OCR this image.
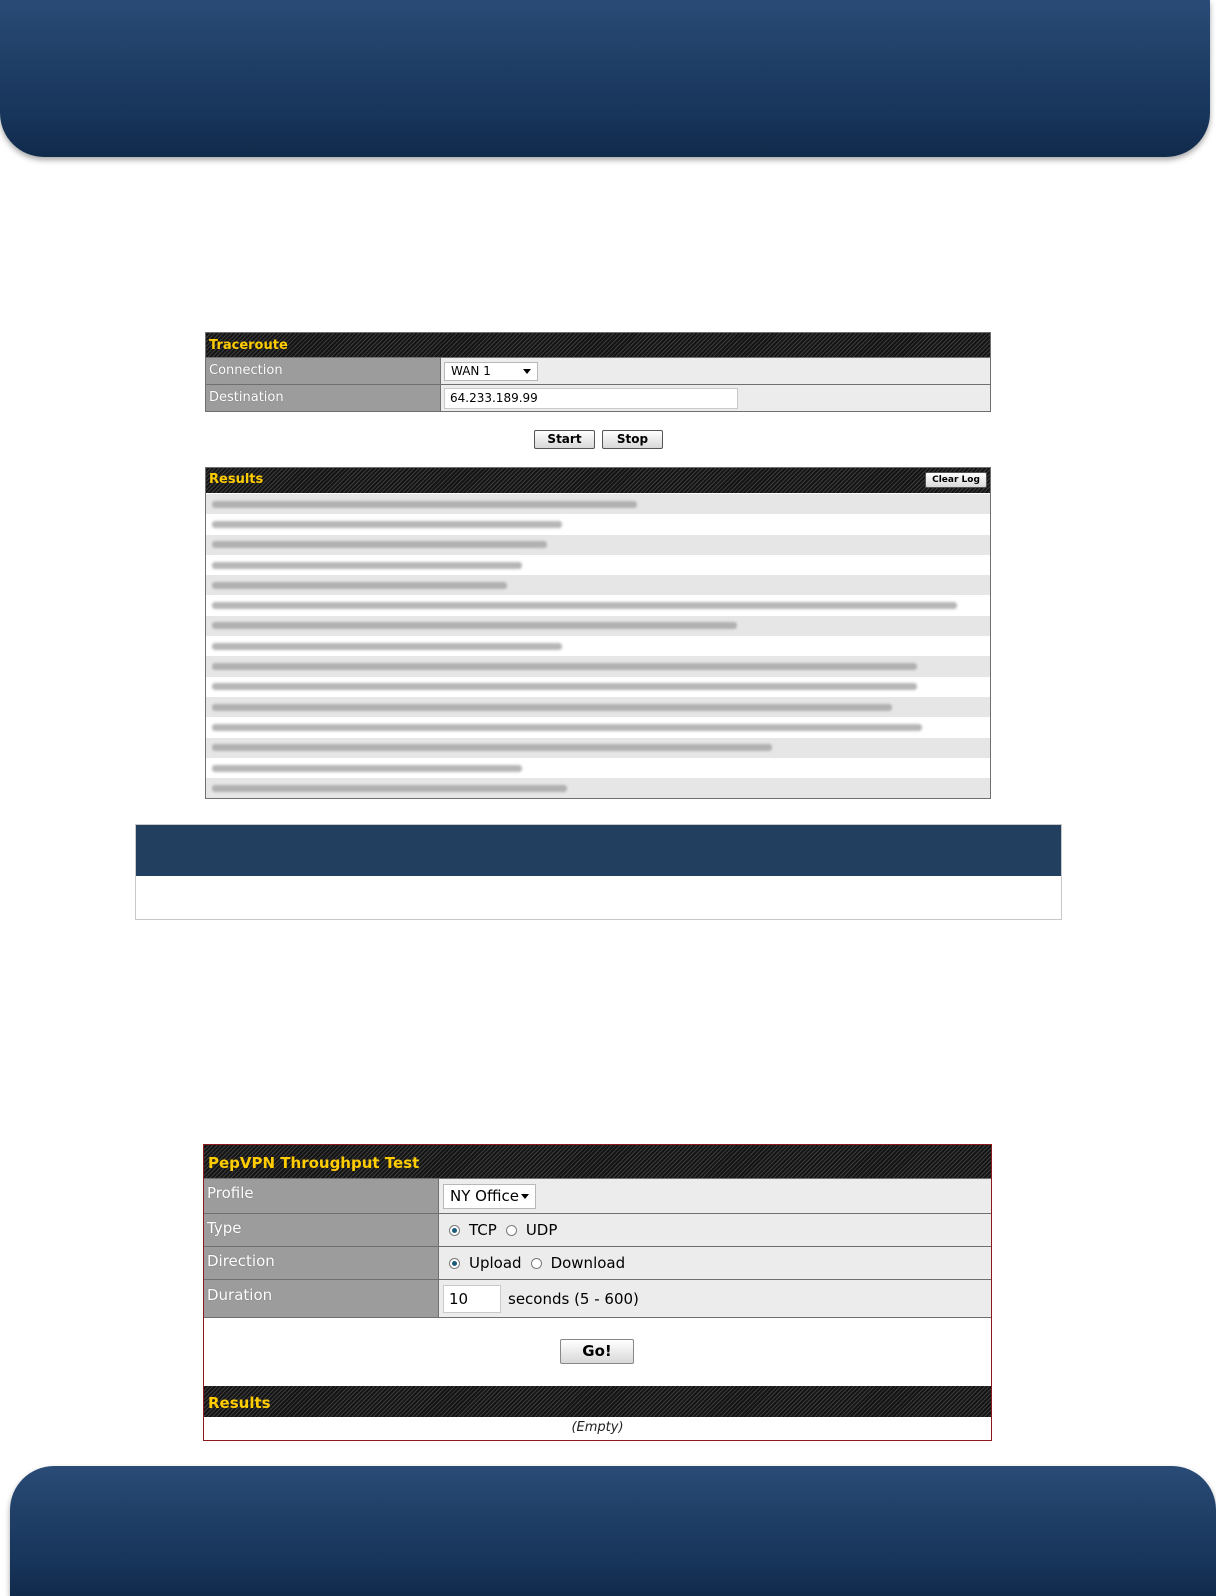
Traceroute
Connection	WAN 1
Destination	64.233.189.99
Start	Stop
Results	Clear Log
PepVPN Throughput Test
Profile	NY Office
Type	TCP UDP
Direction	Upload Download
Duration	10	seconds (5 - 600)
Go!
Results
(Empty)
